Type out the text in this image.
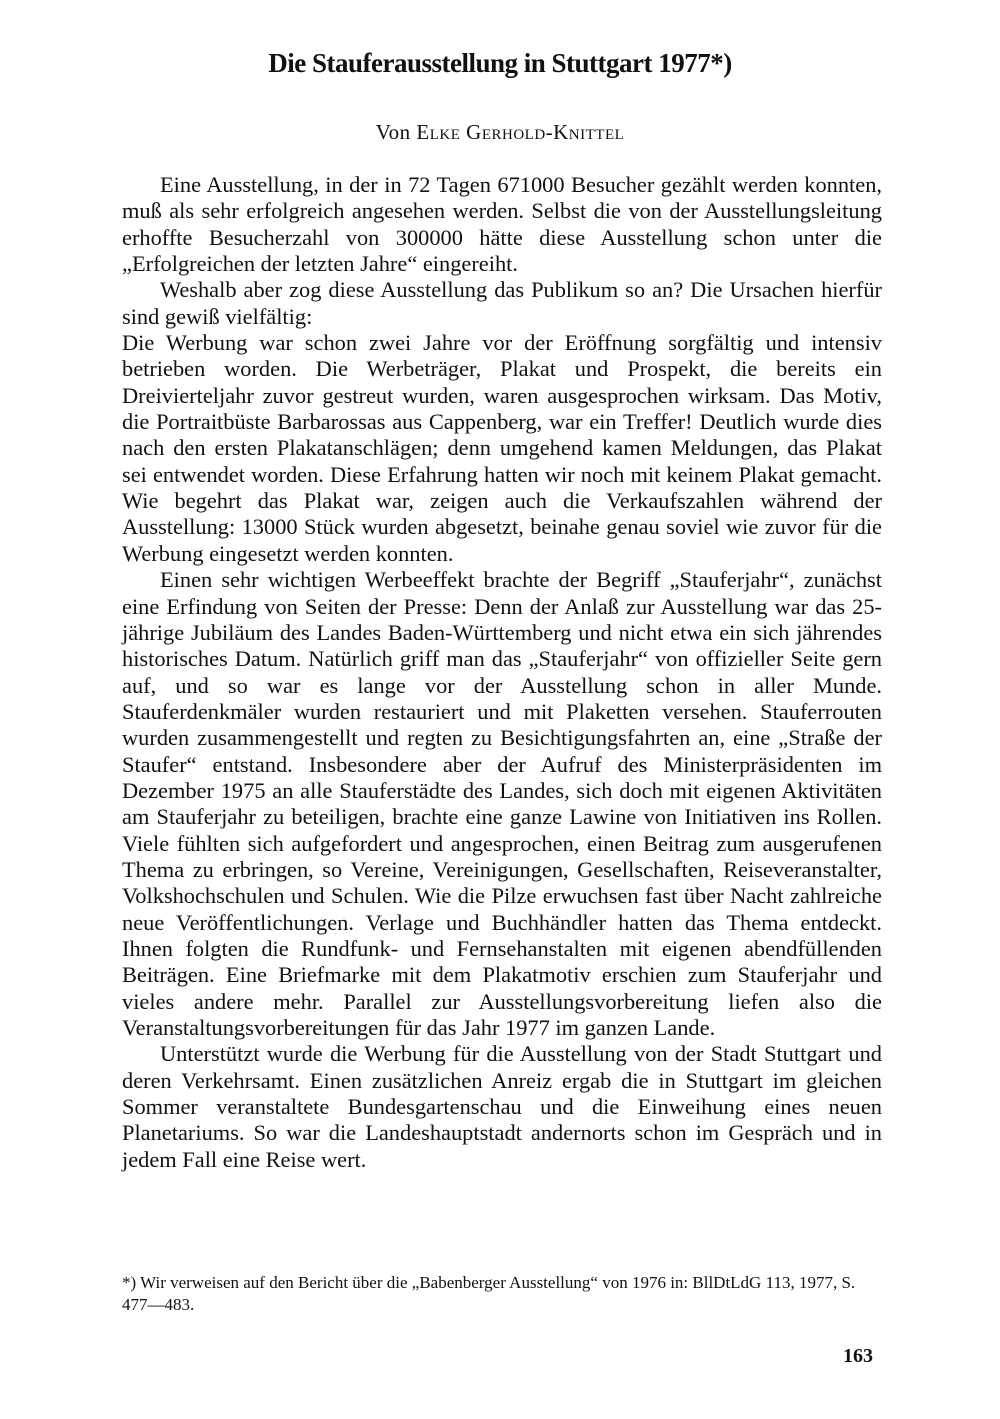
Die Stauferausstellung in Stuttgart 1977*)
Von Elke Gerhold-Knittel

Eine Ausstellung, in der in 72 Tagen 671000 Besucher gezählt werden konnten, muß als sehr erfolgreich angesehen werden. Selbst die von der Ausstellungsleitung erhoffte Besucherzahl von 300000 hätte diese Ausstellung schon unter die „Erfolgreichen der letzten Jahre“ eingereiht.

Weshalb aber zog diese Ausstellung das Publikum so an? Die Ursachen hierfür sind gewiß vielfältig:

Die Werbung war schon zwei Jahre vor der Eröffnung sorgfältig und intensiv betrieben worden. Die Werbeträger, Plakat und Prospekt, die bereits ein Dreivierteljahr zuvor gestreut wurden, waren ausgesprochen wirksam. Das Motiv, die Portraitbüste Barbarossas aus Cappenberg, war ein Treffer! Deutlich wurde dies nach den ersten Plakatanschlägen; denn umgehend kamen Meldungen, das Plakat sei entwendet worden. Diese Erfahrung hatten wir noch mit keinem Plakat gemacht. Wie begehrt das Plakat war, zeigen auch die Verkaufszahlen während der Ausstellung: 13000 Stück wurden abgesetzt, beinahe genau soviel wie zuvor für die Werbung eingesetzt werden konnten.

Einen sehr wichtigen Werbeeffekt brachte der Begriff „Stauferjahr“, zunächst eine Erfindung von Seiten der Presse: Denn der Anlaß zur Ausstellung war das 25-jährige Jubiläum des Landes Baden-Württemberg und nicht etwa ein sich jährendes historisches Datum. Natürlich griff man das „Stauferjahr“ von offizieller Seite gern auf, und so war es lange vor der Ausstellung schon in aller Munde. Stauferdenkmäler wurden restauriert und mit Plaketten versehen. Stauferrouten wurden zusammengestellt und regten zu Besichtigungsfahrten an, eine „Straße der Staufer“ entstand. Insbesondere aber der Aufruf des Ministerpräsidenten im Dezember 1975 an alle Stauferstädte des Landes, sich doch mit eigenen Aktivitäten am Stauferjahr zu beteiligen, brachte eine ganze Lawine von Initiativen ins Rollen. Viele fühlten sich aufgefordert und angesprochen, einen Beitrag zum ausgerufenen Thema zu erbringen, so Vereine, Vereinigungen, Gesellschaften, Reiseveranstalter, Volkshochschulen und Schulen. Wie die Pilze erwuchsen fast über Nacht zahlreiche neue Veröffentlichungen. Verlage und Buchhändler hatten das Thema entdeckt. Ihnen folgten die Rundfunk- und Fernsehanstalten mit eigenen abendfüllenden Beiträgen. Eine Briefmarke mit dem Plakatmotiv erschien zum Stauferjahr und vieles andere mehr. Parallel zur Ausstellungsvorbereitung liefen also die Veranstaltungsvorbereitungen für das Jahr 1977 im ganzen Lande.

Unterstützt wurde die Werbung für die Ausstellung von der Stadt Stuttgart und deren Verkehrsamt. Einen zusätzlichen Anreiz ergab die in Stuttgart im gleichen Sommer veranstaltete Bundesgartenschau und die Einweihung eines neuen Planetariums. So war die Landeshauptstadt andernorts schon im Gespräch und in jedem Fall eine Reise wert.

*) Wir verweisen auf den Bericht über die „Babenberger Ausstellung“ von 1976 in: BllDtLdG 113, 1977, S. 477—483.
163
